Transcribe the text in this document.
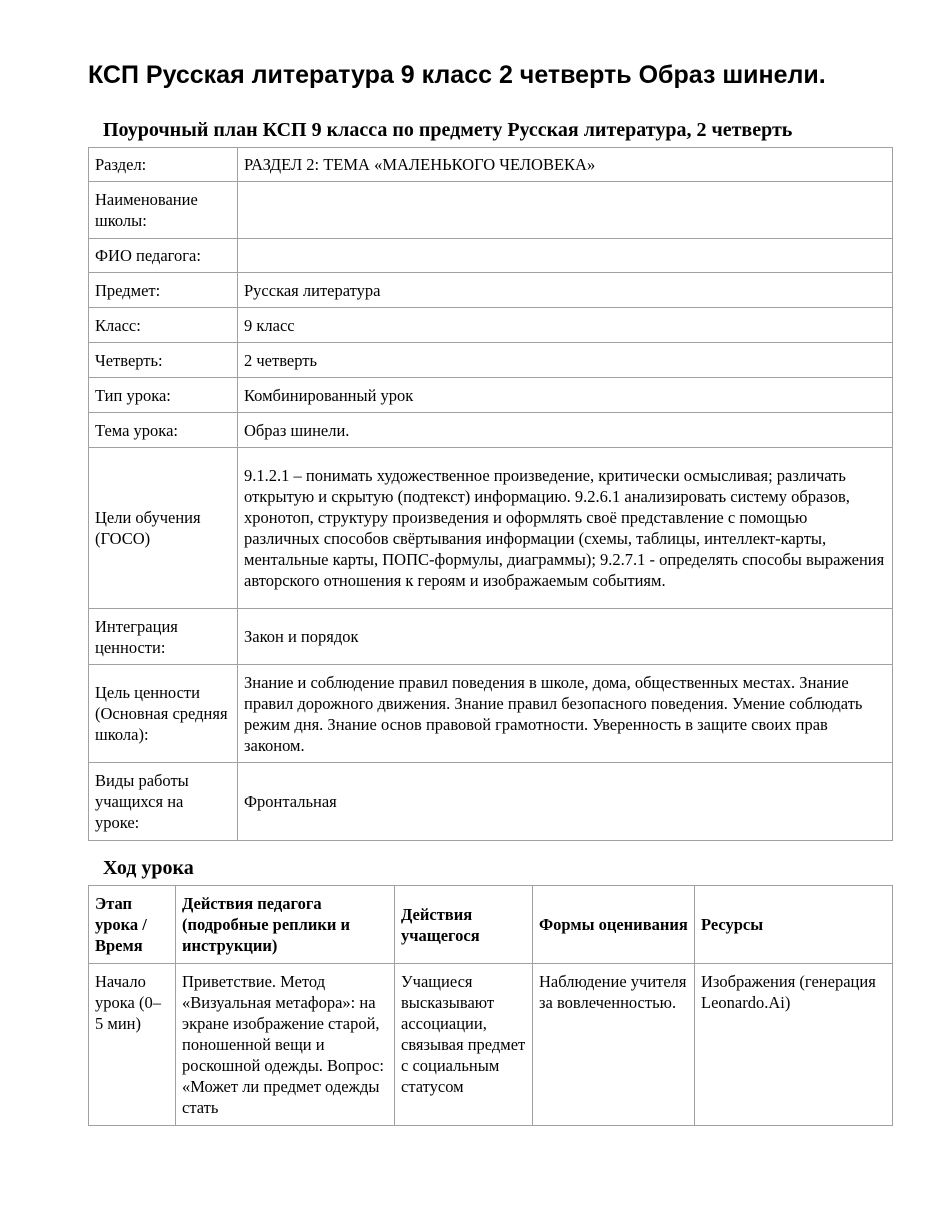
КСП Русская литература 9 класс 2 четверть Образ шинели.
Поурочный план КСП 9 класса по предмету Русская литература, 2 четверть
Раздел:	РАЗДЕЛ 2: ТЕМА «МАЛЕНЬКОГО ЧЕЛОВЕКА»
Наименование школы:	
ФИО педагога:	
Предмет:	Русская литература
Класс:	9 класс
Четверть:	2 четверть
Тип урока:	Комбинированный урок
Тема урока:	Образ шинели.
Цели обучения (ГОСО)	9.1.2.1 – понимать художественное произведение, критически осмысливая; различать открытую и скрытую (подтекст) информацию. 9.2.6.1 анализировать систему образов, хронотоп, структуру произведения и оформлять своё представление с помощью различных способов свёртывания информации (схемы, таблицы, интеллект-карты, ментальные карты, ПОПС-формулы, диаграммы); 9.2.7.1 - определять способы выражения авторского отношения к героям и изображаемым событиям.
Интеграция ценности:	Закон и порядок
Цель ценности (Основная средняя школа):	Знание и соблюдение правил поведения в школе, дома, общественных местах. Знание правил дорожного движения. Знание правил безопасного поведения. Умение соблюдать режим дня. Знание основ правовой грамотности. Уверенность в защите своих прав законом.
Виды работы учащихся на уроке:	Фронтальная
Ход урока
Этап урока / Время	Действия педагога (подробные реплики и инструкции)	Действия учащегося	Формы оценивания	Ресурсы
Начало урока (0–5 мин)	Приветствие. Метод «Визуальная метафора»: на экране изображение старой, поношенной вещи и роскошной одежды. Вопрос: «Может ли предмет одежды стать	Учащиеся высказывают ассоциации, связывая предмет с социальным статусом	Наблюдение учителя за вовлеченностью.	Изображения (генерация Leonardo.Ai)
